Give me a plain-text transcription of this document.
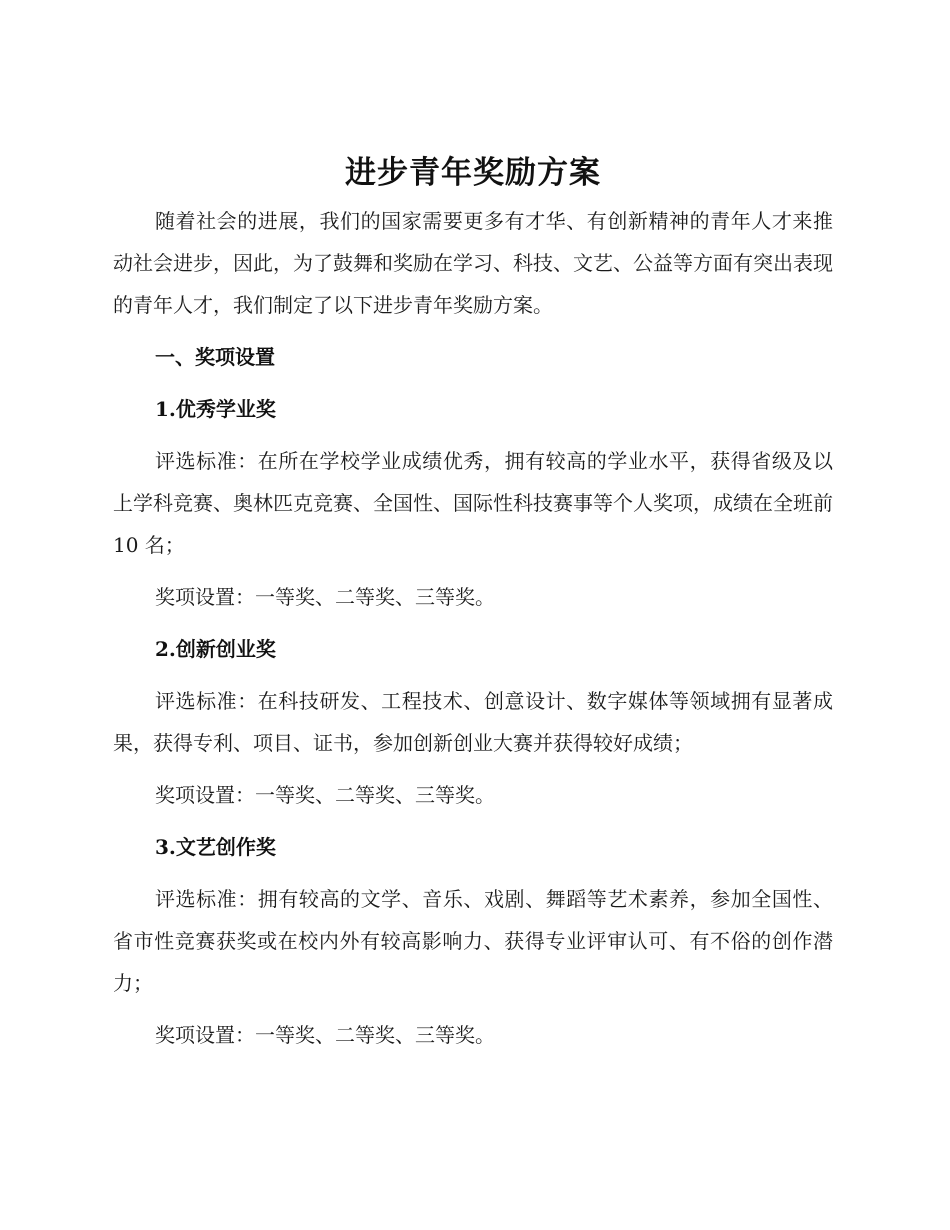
进步青年奖励方案

随着社会的进展，我们的国家需要更多有才华、有创新精神的青年人才来推动社会进步，因此，为了鼓舞和奖励在学习、科技、文艺、公益等方面有突出表现的青年人才，我们制定了以下进步青年奖励方案。

一、奖项设置
1.优秀学业奖

评选标准：在所在学校学业成绩优秀，拥有较高的学业水平，获得省级及以上学科竞赛、奥林匹克竞赛、全国性、国际性科技赛事等个人奖项，成绩在全班前 10 名；

奖项设置：一等奖、二等奖、三等奖。

2.创新创业奖

评选标准：在科技研发、工程技术、创意设计、数字媒体等领域拥有显著成果，获得专利、项目、证书，参加创新创业大赛并获得较好成绩；

奖项设置：一等奖、二等奖、三等奖。

3.文艺创作奖

评选标准：拥有较高的文学、音乐、戏剧、舞蹈等艺术素养，参加全国性、省市性竞赛获奖或在校内外有较高影响力、获得专业评审认可、有不俗的创作潜力；

奖项设置：一等奖、二等奖、三等奖。
